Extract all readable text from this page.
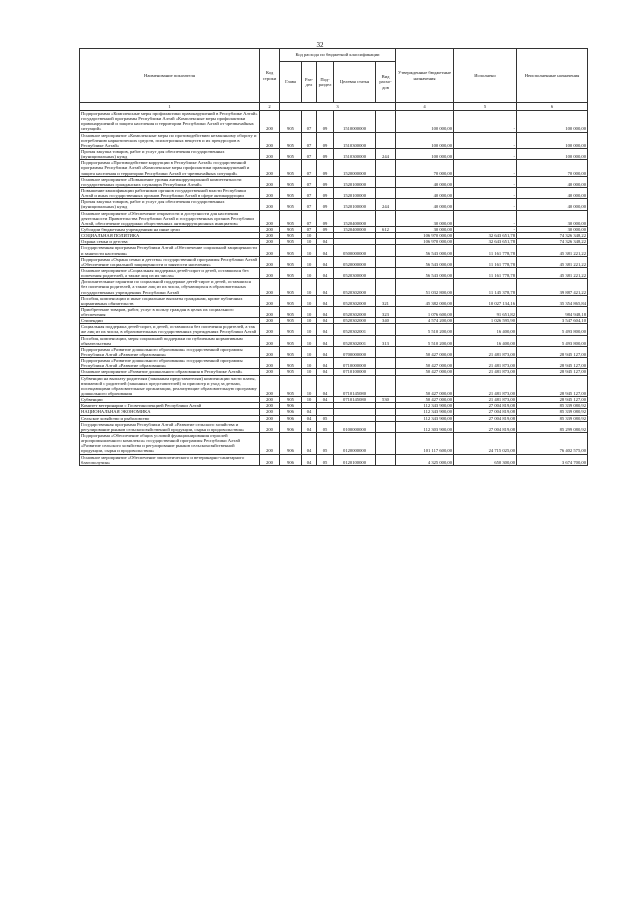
32
Наименование показателя	Код строки	Код расхода по бюджетной классификации					Утвержденные бюджетные назначения	Исполнено	Неисполненные назначения
		Глава	Раз-дел	Под-раздел	Целевая статья	Вид расхо-дов			
1	2	3					4	5	6
Подпрограмма «Комплексные меры профилактики правонарушений в Республике Алтай» государственной программы Республики Алтай «Комплексные меры профилактики правонарушений и защита населения и территории Республики Алтай от чрезвычайных ситуаций»	200	905	07	09	1510000000		100 000,00	-	100 000,00
Основное мероприятие «Комплексные меры по противодействию незаконному обороту и потреблению наркотических средств, психотропных веществ и их прекурсоров в Республике Алтай»	200	905	07	09	1510300000		100 000,00	-	100 000,00
Прочая закупка товаров, работ и услуг для обеспечения государственных (муниципальных) нужд	200	905	07	09	1510300000	244	100 000,00	-	100 000,00
Подпрограмма «Противодействие коррупции в Республике Алтай» государственной программы Республики Алтай «Комплексные меры профилактики правонарушений и защита населения и территории Республики Алтай от чрезвычайных ситуаций»	200	905	07	09	1520000000		70 000,00	-	70 000,00
Основное мероприятие «Повышение уровня антикоррупционной компетентности государственных гражданских служащих Республики Алтай»	200	905	07	09	1520100000		40 000,00	-	40 000,00
Повышение квалификации работников органов государственной власти Республики Алтай и иных государственных органов Республики Алтай в сфере антикоррупции	200	905	07	09	1520100000		40 000,00	-	40 000,00
Прочая закупка товаров, работ и услуг для обеспечения государственных (муниципальных) нужд	200	905	07	09	1520100000	244	40 000,00	-	40 000,00
Основное мероприятие «Обеспечение открытости и доступности для населения деятельности Правительства Республики Алтай и государственных органов Республики Алтай, обеспечение поддержки общественных антикоррупционных инициатив»	200	905	07	09	1520400000		30 000,00	-	30 000,00
Субсидии бюджетным учреждениям на иные цели	200	905	07	09	1520400000	612	30 000,00	-	30 000,00
СОЦИАЛЬНАЯ ПОЛИТИКА	200	905	10				106 970 000,00	32 643 651,78	74 326 348,22
Охрана семьи и детства	200	905	10	04			106 970 000,00	32 643 651,78	74 326 348,22
Государственная программа Республики Алтай «Обеспечение социальной защищенности и занятости населения»	200	905	10	04	0500000000		56 543 000,00	11 161 778,78	45 381 221,22
Подпрограмма «Охрана семьи и детства» государственной программы Республики Алтай «Обеспечение социальной защищенности и занятости населения»	200	905	10	04	0520000000		56 543 000,00	11 161 778,78	45 381 221,22
Основное мероприятие «Социальная поддержка детей-сирот и детей, оставшихся без попечения родителей, а также лиц из их числа»	200	905	10	04	0520300000		56 543 000,00	11 161 778,78	45 381 221,22
Дополнительные гарантии по социальной поддержке детей-сирот и детей, оставшихся без попечения родителей, а также лиц из их числа, обучающихся в образовательных государственных учреждениях Республики Алтай	200	905	10	04	0520302000		51 032 800,00	11 145 378,78	39 887 421,22
Пособия, компенсации и иные социальные выплаты гражданам, кроме публичных нормативных обязательств	200	905	10	04	0520302000	321	45 382 000,00	10 027 134,16	35 354 865,84
Приобретение товаров, работ, услуг в пользу граждан в целях их социального обеспечения	200	905	10	04	0520302000	323	1 076 600,00	91 651,82	984 948,18
Стипендии	200	905	10	04	0520302000	340	4 574 200,00	1 026 595,90	3 547 604,10
Социальная поддержка детей-сирот, и детей, оставшихся без попечения родителей, а так же лиц из их числа, в образовательных государственных учреждениях Республики Алтай	200	905	10	04	0520302001		5 510 200,00	16 400,00	5 493 800,00
Пособия, компенсации, меры социальной поддержки по публичным нормативным обязательствам	200	905	10	04	0520302001	313	5 510 200,00	16 400,00	5 493 800,00
Подпрограмма «Развитие дошкольного образования» государственной программы Республики Алтай «Развитие образования»	200	905	10	04	0700000000		50 427 000,00	21 481 873,00	28 945 127,00
Подпрограмма «Развитие дошкольного образования» государственной программы Республики Алтай «Развитие образования»	200	905	10	04	0710000000		50 427 000,00	21 481 873,00	28 945 127,00
Основное мероприятие «Развитие дошкольного образования в Республике Алтай»	200	905	10	04	0710100000		50 427 000,00	21 481 873,00	28 945 127,00
Субвенции на выплату родителям (законным представителям) компенсации части платы, взимаемой с родителей (законных представителей) за присмотр и уход за детьми, посещающими образовательные организации, реализующие образовательную программу дошкольного образования	200	905	10	04	0710145080		50 427 000,00	21 481 873,00	28 945 127,00
Субвенции	200	905	10	04	0710145080	530	50 427 000,00	21 481 873,00	28 945 127,00
Комитет ветеринарии с Госветинспекцией Республики Алтай	200	906					112 343 900,00	27 004 819,08	85 339 080,92
НАЦИОНАЛЬНАЯ ЭКОНОМИКА	200	906	04				112 343 900,00	27 004 819,08	85 339 080,92
Сельское хозяйство и рыболовство	200	906	04	05			112 343 900,00	27 004 819,08	85 339 080,92
Государственная программа Республики Алтай «Развитие сельского хозяйства и регулирование рынков сельскохозяйственной продукции, сырья и продовольствия»	200	906	04	05	0100000000		112 303 900,00	27 004 819,08	85 299 080,92
Подпрограмма «Обеспечение общих условий функционирования отраслей агропромышленного комплекса» государственной программы Республики Алтай «Развитие сельского хозяйства и регулирование рынков сельскохозяйственной продукции, сырья и продовольствия»	200	906	04	05	0120000000		101 117 600,00	24 715 025,00	76 402 575,00
Основное мероприятие «Обеспечение эпизоотического и ветеринарно-санитарного благополучия»	200	906	04	05	0120100000		4 325 000,00	650 300,00	3 674 700,00
